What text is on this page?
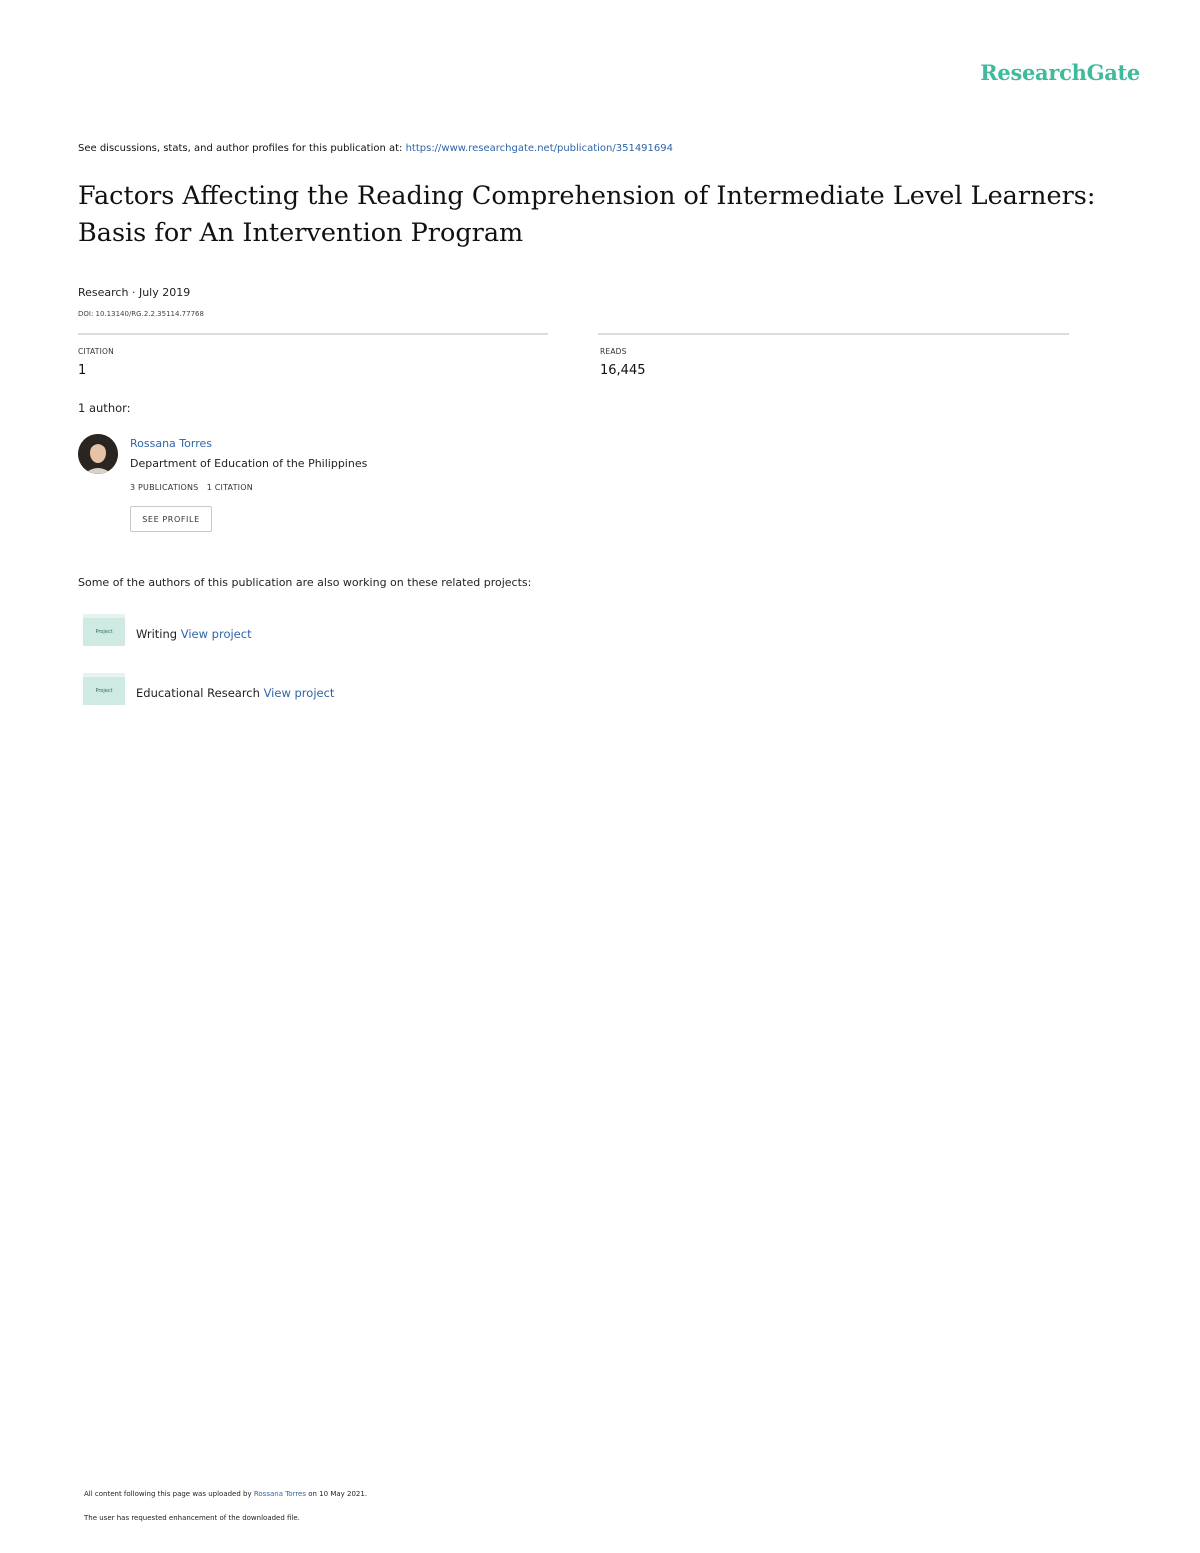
ResearchGate
See discussions, stats, and author profiles for this publication at: https://www.researchgate.net/publication/351491694
Factors Affecting the Reading Comprehension of Intermediate Level Learners:
Basis for An Intervention Program
Research · July 2019
DOI: 10.13140/RG.2.2.35114.77768
CITATION
1
READS
16,445
1 author:
Rossana Torres
Department of Education of the Philippines
3 PUBLICATIONS   1 CITATION
SEE PROFILE
Some of the authors of this publication are also working on these related projects:
Project	Writing View project
Project	Educational Research View project
All content following this page was uploaded by Rossana Torres on 10 May 2021.
The user has requested enhancement of the downloaded file.
